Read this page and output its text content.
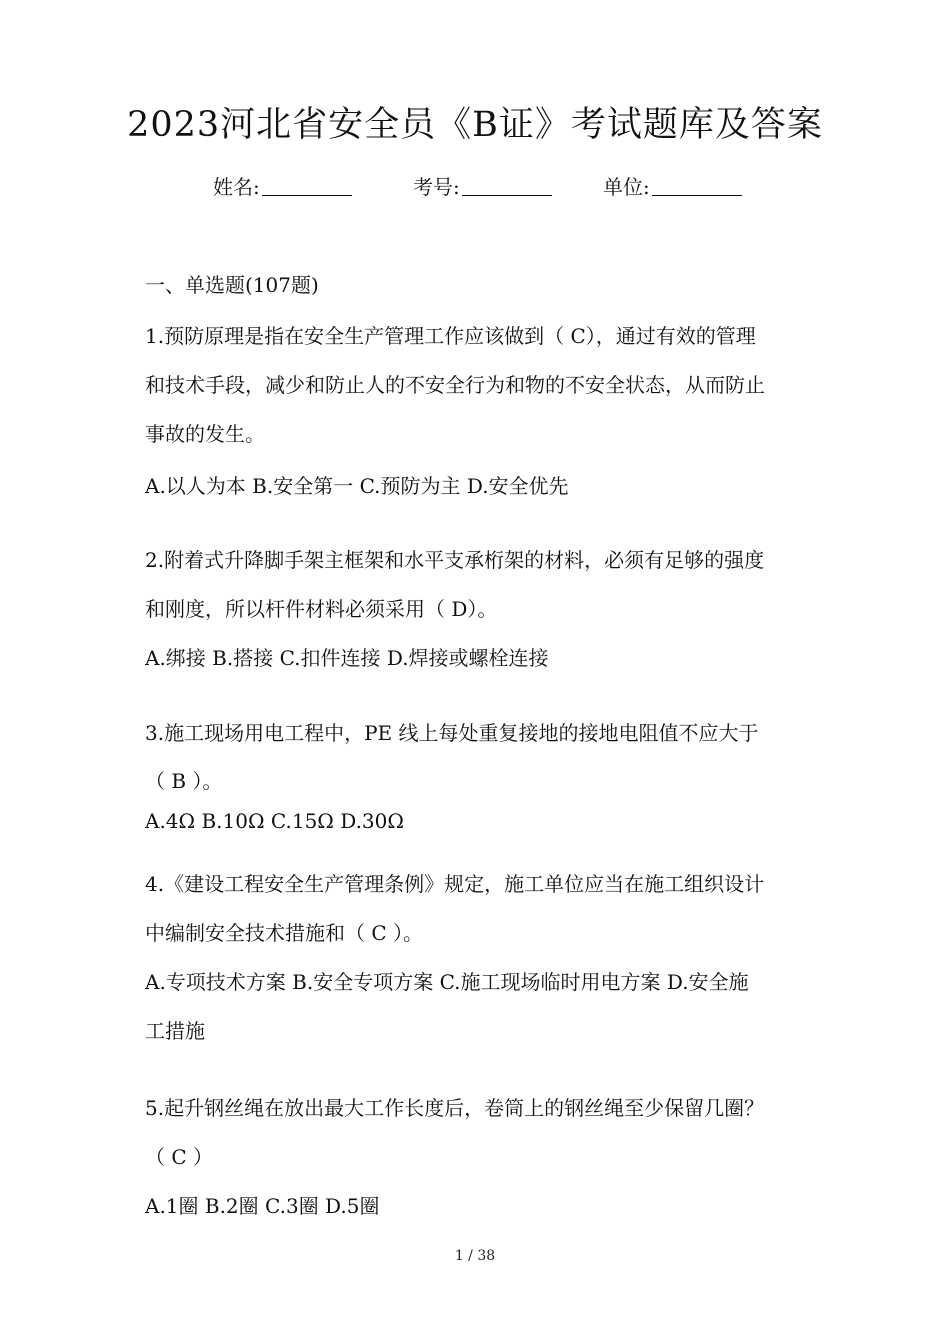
2023河北省安全员《B证》考试题库及答案
姓名:	考号:	单位:
一、单选题(107题)
1.预防原理是指在安全生产管理工作应该做到（ C），通过有效的管理
和技术手段，减少和防止人的不安全行为和物的不安全状态，从而防止
事故的发生。
A.以人为本 B.安全第一 C.预防为主 D.安全优先
2.附着式升降脚手架主框架和水平支承桁架的材料，必须有足够的强度
和刚度，所以杆件材料必须采用（ D）。
A.绑接 B.搭接 C.扣件连接 D.焊接或螺栓连接
3.施工现场用电工程中，PE 线上每处重复接地的接地电阻值不应大于
（ B ）。
A.4Ω B.10Ω C.15Ω D.30Ω
4.《建设工程安全生产管理条例》规定，施工单位应当在施工组织设计
中编制安全技术措施和（ C ）。
A.专项技术方案 B.安全专项方案 C.施工现场临时用电方案 D.安全施
工措施
5.起升钢丝绳在放出最大工作长度后，卷筒上的钢丝绳至少保留几圈？
（ C ）
A.1圈 B.2圈 C.3圈 D.5圈
1 / 38
